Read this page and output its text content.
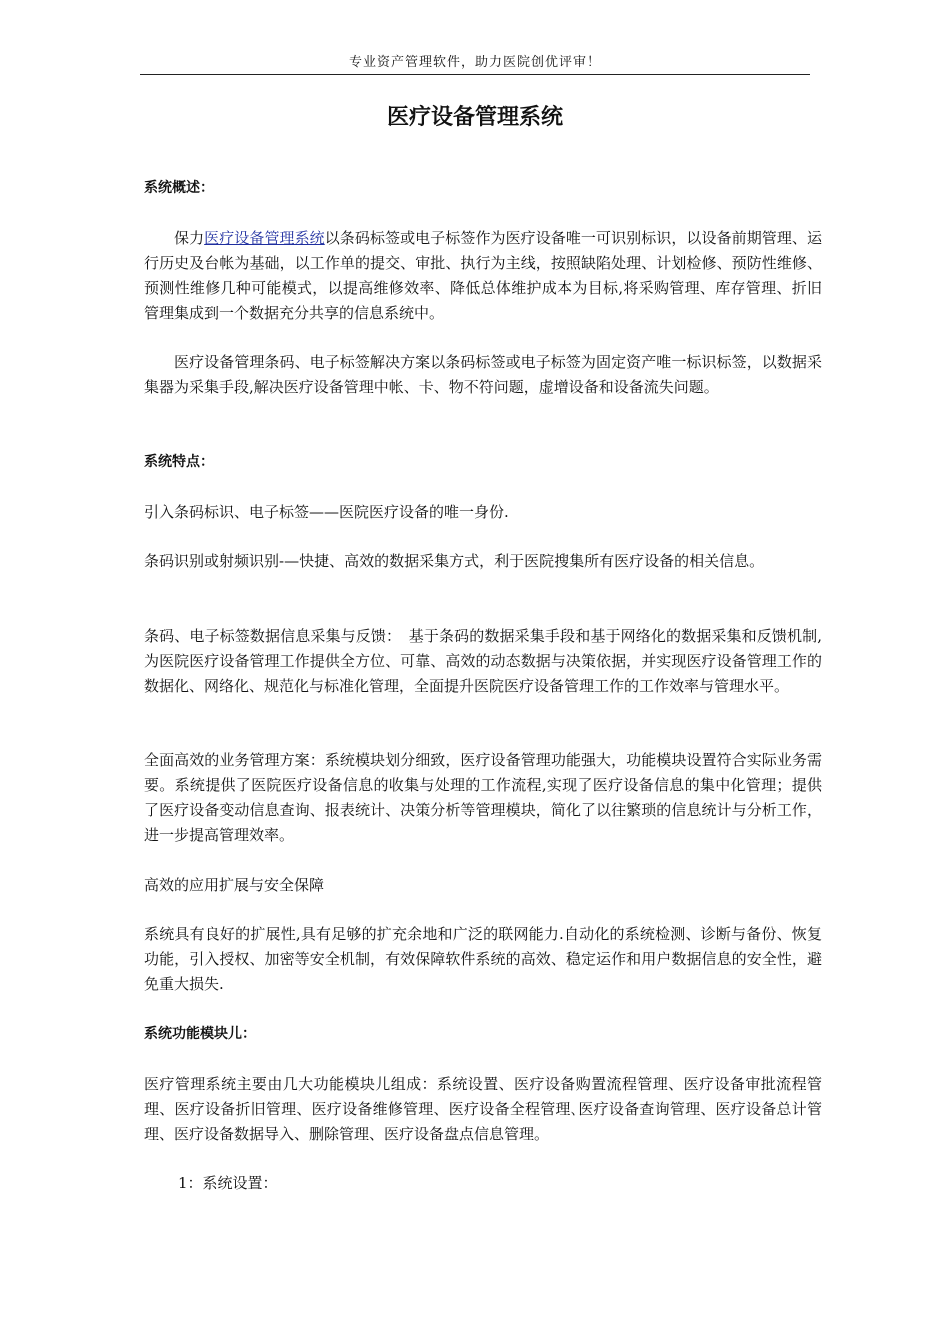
专业资产管理软件，助力医院创优评审！
医疗设备管理系统

系统概述：

保力医疗设备管理系统以条码标签或电子标签作为医疗设备唯一可识别标识，以设备前期管理、运行历史及台帐为基础，以工作单的提交、审批、执行为主线，按照缺陷处理、计划检修、预防性维修、预测性维修几种可能模式，以提高维修效率、降低总体维护成本为目标,将采购管理、库存管理、折旧管理集成到一个数据充分共享的信息系统中。

医疗设备管理条码、电子标签解决方案以条码标签或电子标签为固定资产唯一标识标签，以数据采集器为采集手段,解决医疗设备管理中帐、卡、物不符问题，虚增设备和设备流失问题。

系统特点：

引入条码标识、电子标签——医院医疗设备的唯一身份.

条码识别或射频识别-—快捷、高效的数据采集方式，利于医院搜集所有医疗设备的相关信息。

条码、电子标签数据信息采集与反馈：　基于条码的数据采集手段和基于网络化的数据采集和反馈机制,为医院医疗设备管理工作提供全方位、可靠、高效的动态数据与决策依据，并实现医疗设备管理工作的数据化、网络化、规范化与标准化管理，全面提升医院医疗设备管理工作的工作效率与管理水平。

全面高效的业务管理方案：系统模块划分细致，医疗设备管理功能强大，功能模块设置符合实际业务需要。系统提供了医院医疗设备信息的收集与处理的工作流程,实现了医疗设备信息的集中化管理；提供了医疗设备变动信息查询、报表统计、决策分析等管理模块，简化了以往繁琐的信息统计与分析工作，进一步提高管理效率。

高效的应用扩展与安全保障

系统具有良好的扩展性,具有足够的扩充余地和广泛的联网能力.自动化的系统检测、诊断与备份、恢复功能，引入授权、加密等安全机制，有效保障软件系统的高效、稳定运作和用户数据信息的安全性，避免重大损失.

系统功能模块儿：

医疗管理系统主要由几大功能模块儿组成：系统设置、医疗设备购置流程管理、医疗设备审批流程管理、医疗设备折旧管理、医疗设备维修管理、医疗设备全程管理､医疗设备查询管理、医疗设备总计管理、医疗设备数据导入、删除管理、医疗设备盘点信息管理。

1：系统设置：
